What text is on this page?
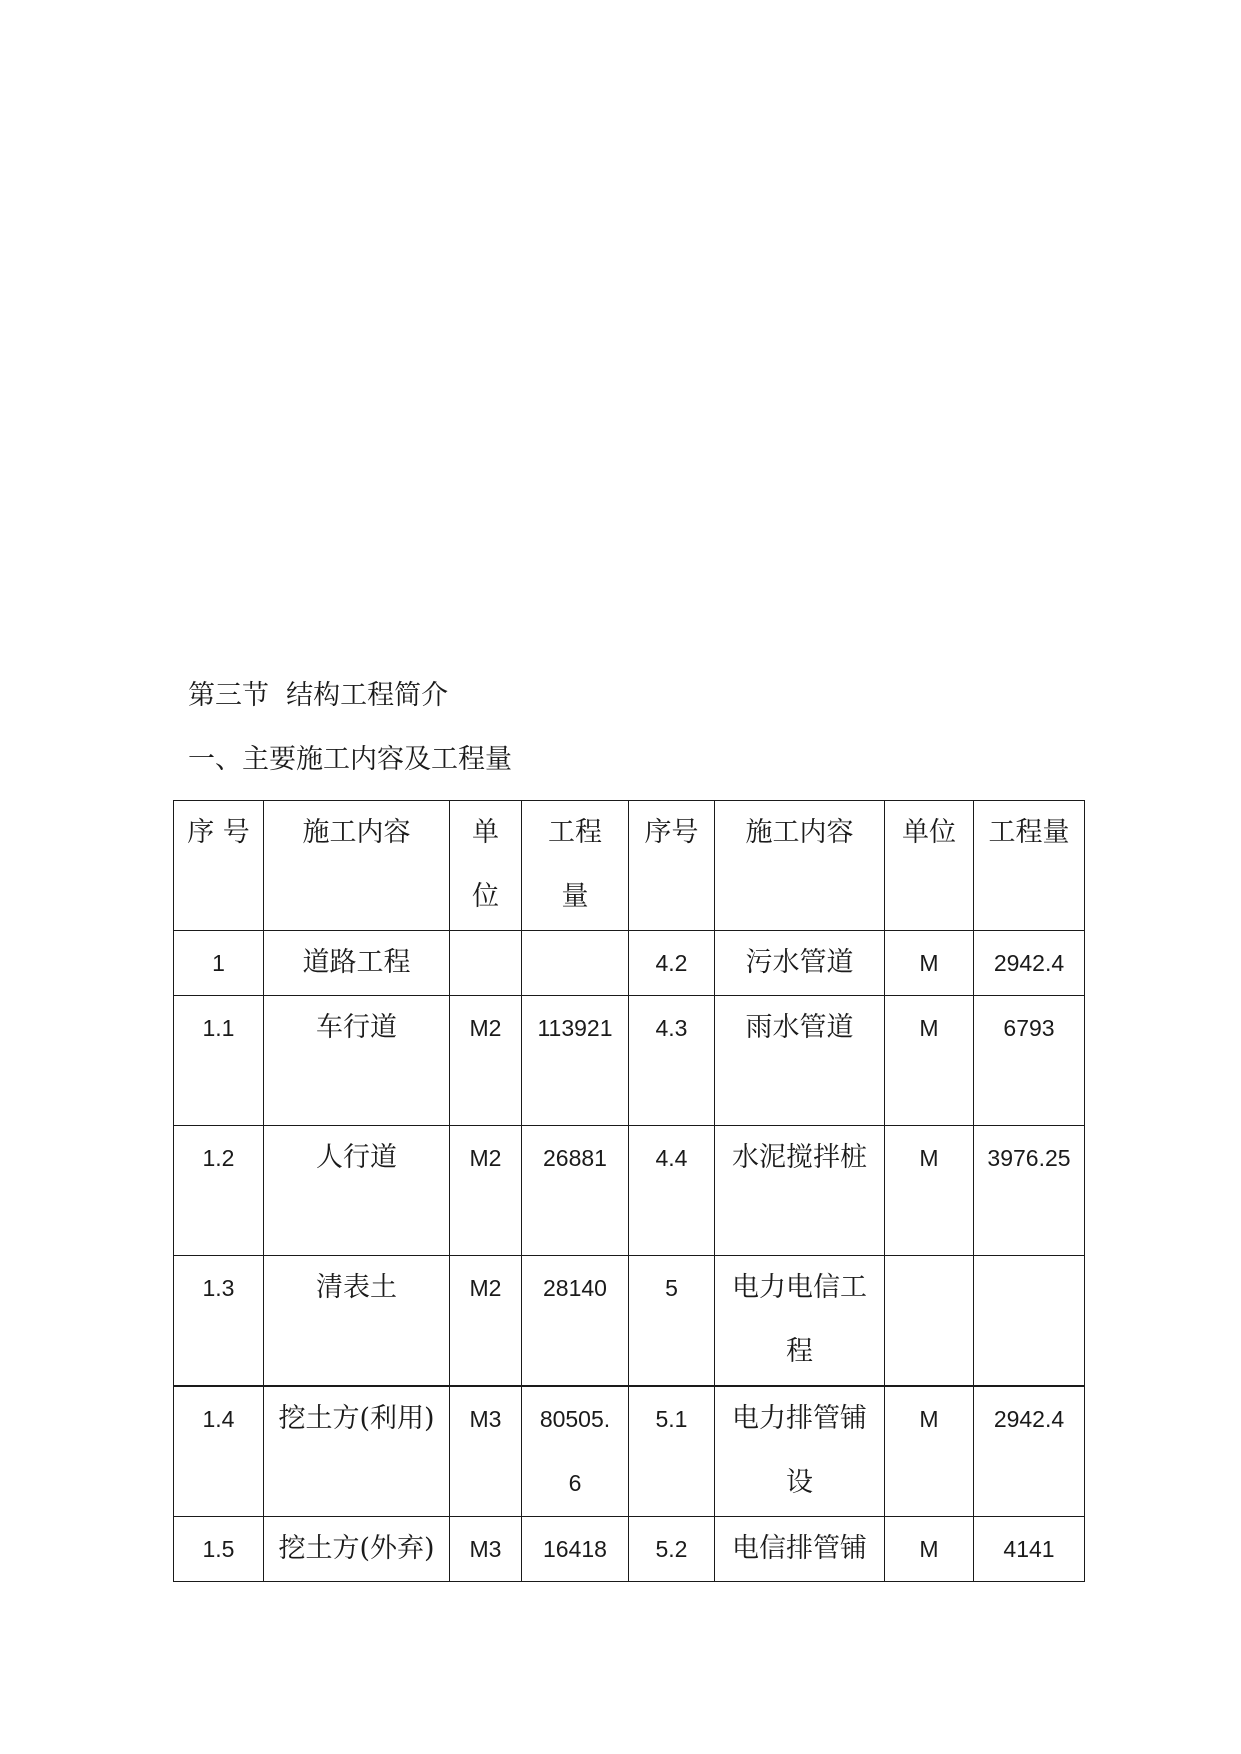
第三节  结构工程简介
一、主要施工内容及工程量
序 号	施工内容	单位	工程量	序号	施工内容	单位	工程量

1	道路工程			4.2	污水管道	M	2942.4

1.1	车行道	M2	113921	4.3	雨水管道	M	6793

1.2	人行道	M2	26881	4.4	水泥搅拌桩	M	3976.25

1.3	清表土	M2	28140	5	电力电信工程		

1.4	挖土方(利用)	M3	80505.6	5.1	电力排管铺设	M	2942.4

1.5	挖土方(外弃)	M3	16418	5.2	电信排管铺	M	4141
